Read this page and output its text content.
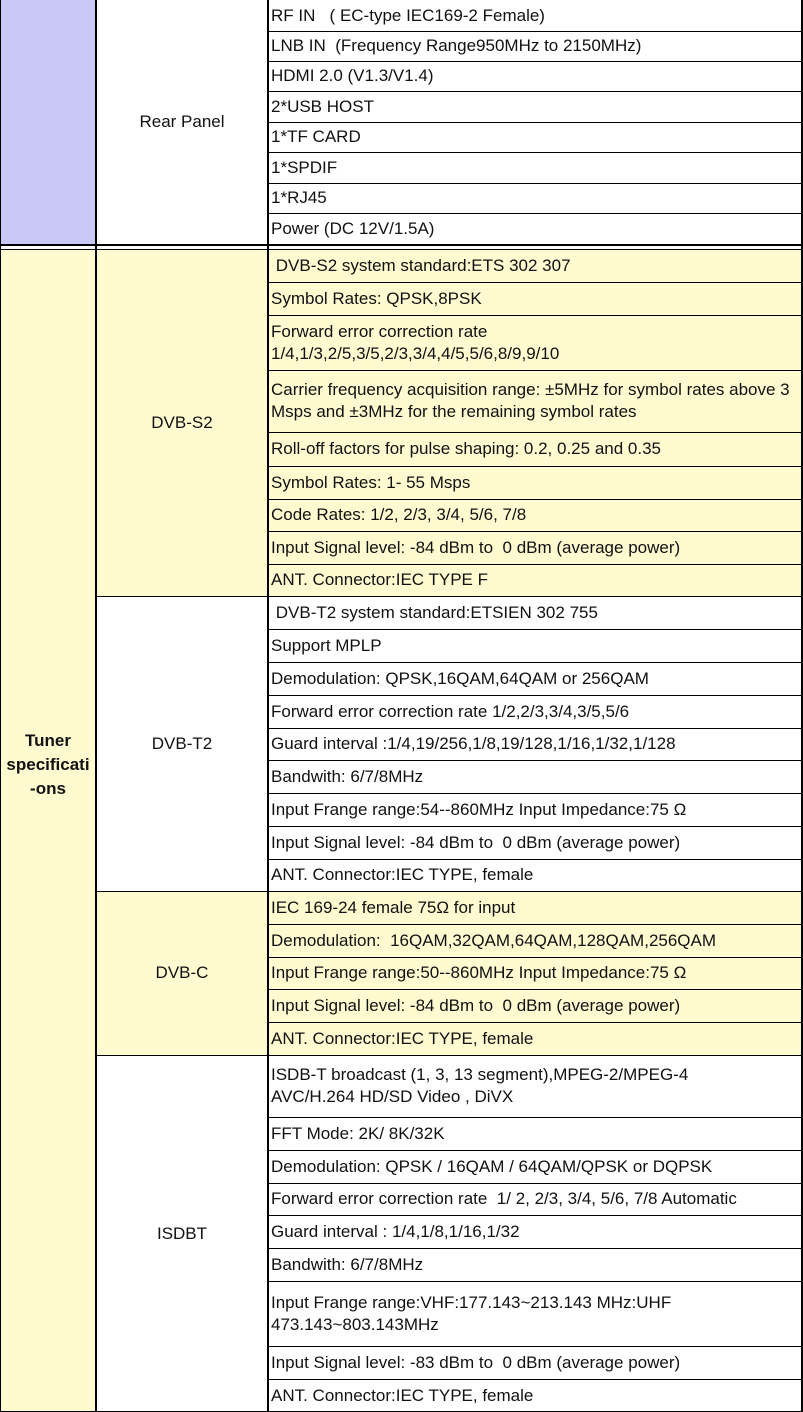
Rear Panel
RF IN   ( EC-type IEC169-2 Female)
LNB IN  (Frequency Range950MHz to 2150MHz)
HDMI 2.0 (V1.3/V1.4)
2*USB HOST
1*TF CARD
1*SPDIF
1*RJ45
Power (DC 12V/1.5A)
Tuner specificati -ons
DVB-S2
DVB-S2 system standard:ETS 302 307
Symbol Rates: QPSK,8PSK
Forward error correction rate
1/4,1/3,2/5,3/5,2/3,3/4,4/5,5/6,8/9,9/10
Carrier frequency acquisition range: ±5MHz for symbol rates above 3 Msps and ±3MHz for the remaining symbol rates
Roll-off factors for pulse shaping: 0.2, 0.25 and 0.35
Symbol Rates: 1- 55 Msps
Code Rates: 1/2, 2/3, 3/4, 5/6, 7/8
Input Signal level: -84 dBm to  0 dBm (average power)
ANT. Connector:IEC TYPE F
DVB-T2
DVB-T2 system standard:ETSIEN 302 755
Support MPLP
Demodulation: QPSK,16QAM,64QAM or 256QAM
Forward error correction rate 1/2,2/3,3/4,3/5,5/6
Guard interval :1/4,19/256,1/8,19/128,1/16,1/32,1/128
Bandwith: 6/7/8MHz
Input Frange range:54--860MHz Input Impedance:75 Ω
Input Signal level: -84 dBm to  0 dBm (average power)
ANT. Connector:IEC TYPE, female
DVB-C
IEC 169-24 female 75Ω for input
Demodulation:  16QAM,32QAM,64QAM,128QAM,256QAM
Input Frange range:50--860MHz Input Impedance:75 Ω
Input Signal level: -84 dBm to  0 dBm (average power)
ANT. Connector:IEC TYPE, female
ISDBT
ISDB-T broadcast (1, 3, 13 segment),MPEG-2/MPEG-4
AVC/H.264 HD/SD Video , DiVX
FFT Mode: 2K/ 8K/32K
Demodulation: QPSK / 16QAM / 64QAM/QPSK or DQPSK
Forward error correction rate  1/ 2, 2/3, 3/4, 5/6, 7/8 Automatic
Guard interval : 1/4,1/8,1/16,1/32
Bandwith: 6/7/8MHz
Input Frange range:VHF:177.143~213.143 MHz:UHF
473.143~803.143MHz
Input Signal level: -83 dBm to  0 dBm (average power)
ANT. Connector:IEC TYPE, female
